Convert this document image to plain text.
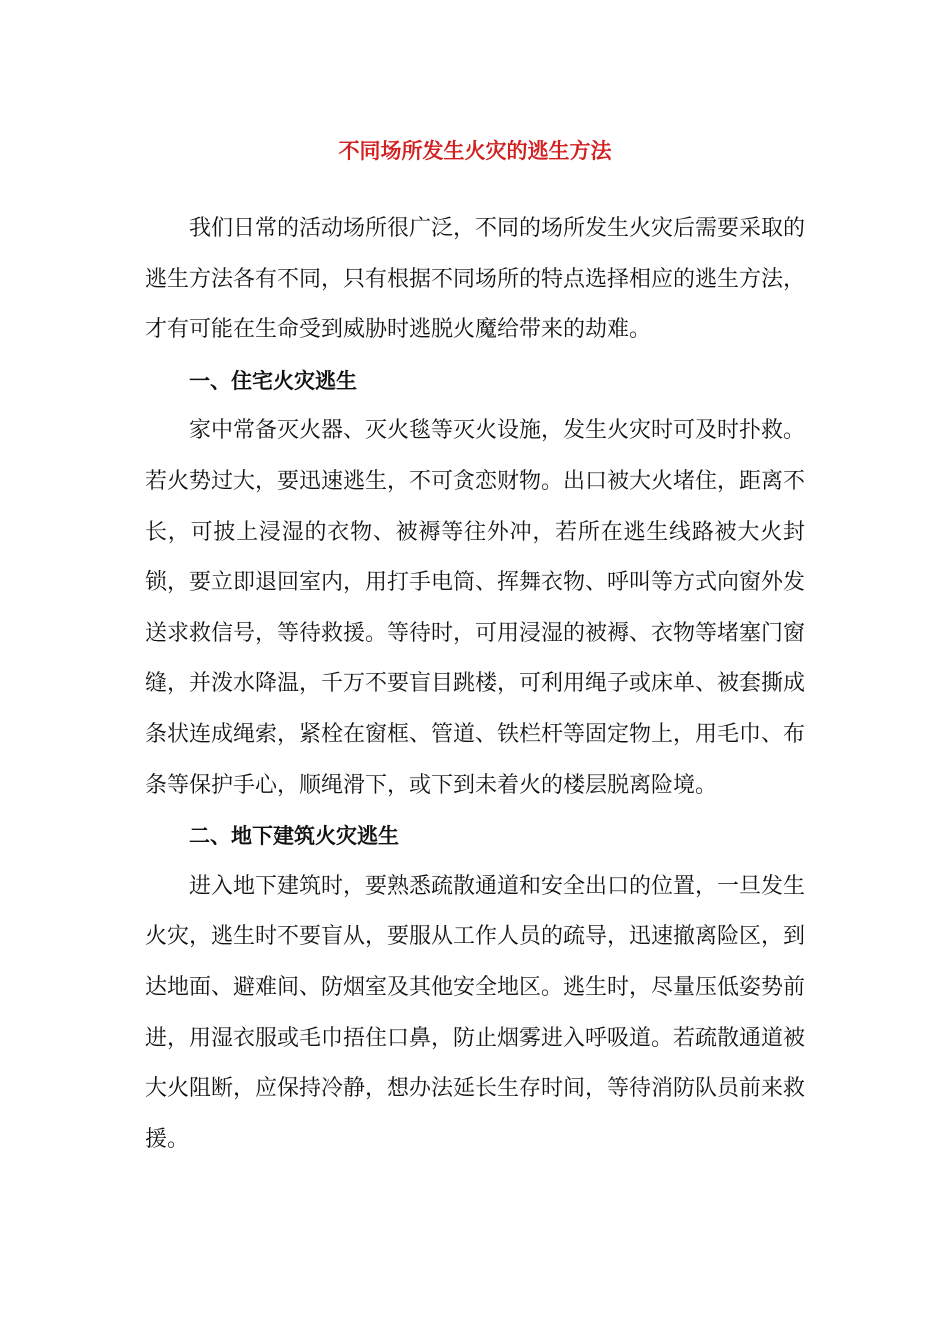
不同场所发生火灾的逃生方法

我们日常的活动场所很广泛，不同的场所发生火灾后需要采取的逃生方法各有不同，只有根据不同场所的特点选择相应的逃生方法，才有可能在生命受到威胁时逃脱火魔给带来的劫难。

一、住宅火灾逃生

家中常备灭火器、灭火毯等灭火设施，发生火灾时可及时扑救。若火势过大，要迅速逃生，不可贪恋财物。出口被大火堵住，距离不长，可披上浸湿的衣物、被褥等往外冲，若所在逃生线路被大火封锁，要立即退回室内，用打手电筒、挥舞衣物、呼叫等方式向窗外发送求救信号，等待救援。等待时，可用浸湿的被褥、衣物等堵塞门窗缝，并泼水降温，千万不要盲目跳楼，可利用绳子或床单、被套撕成条状连成绳索，紧栓在窗框、管道、铁栏杆等固定物上，用毛巾、布条等保护手心，顺绳滑下，或下到未着火的楼层脱离险境。

二、地下建筑火灾逃生

进入地下建筑时，要熟悉疏散通道和安全出口的位置，一旦发生火灾，逃生时不要盲从，要服从工作人员的疏导，迅速撤离险区，到达地面、避难间、防烟室及其他安全地区。逃生时，尽量压低姿势前进，用湿衣服或毛巾捂住口鼻，防止烟雾进入呼吸道。若疏散通道被大火阻断，应保持冷静，想办法延长生存时间，等待消防队员前来救援。
